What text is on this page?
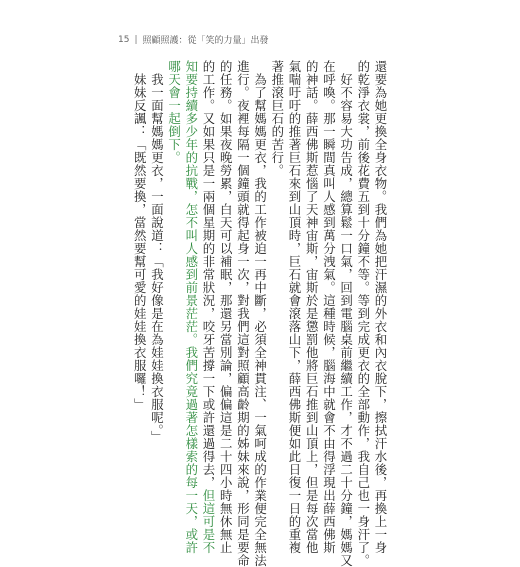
15 | 照顧照護：從「笑的力量」出發
還要為她更換全身衣物。我們為她把汗濕的外衣和內衣脫下，擦拭汗水後，再換上一身
的乾淨衣裳，前後花費五到十分鐘不等。等到完成更衣的全部動作，我自己也一身汗了。
　好不容易大功告成，總算鬆一口氣，回到電腦桌前繼續工作，才不過二十分鐘，媽媽又
在呼喚。那一瞬間真叫人感到萬分洩氣。這種時候，腦海中就會不由得浮現出薛西佛斯
的神話。薛西佛斯惹惱了天神宙斯，宙斯於是懲罰他將巨石推到山頂上，但是每次當他
氣喘吁吁的推著巨石來到山頂時，巨石就會滾落山下，薛西佛斯便如此日復一日的重複
著推滾巨石的苦行。
　為了幫媽媽更衣，我的工作被迫一再中斷，必須全神貫注、一氣呵成的作業便完全無法
進行。夜裡每隔一個鐘頭就得起身一次，對我們這對照顧高齡期的姊妹來說，形同是要命
的任務。如果夜晚勞累，白天可以補眠，那還另當別論，偏偏這是二十四小時無休無止
的工作。又如果只是一兩個星期的非常狀況，咬牙苦撐一下或許還過得去，但這可是不
知要持續多少年的抗戰，怎不叫人感到前景茫茫。我們究竟過著怎樣索的每一天，或許
哪天會一起倒下。
　我一面幫媽媽更衣，一面說道：「我好像是在為娃娃換衣服呢。」
　妹妹反諷：「既然要換，當然要幫可愛的娃娃換衣服囉！」
